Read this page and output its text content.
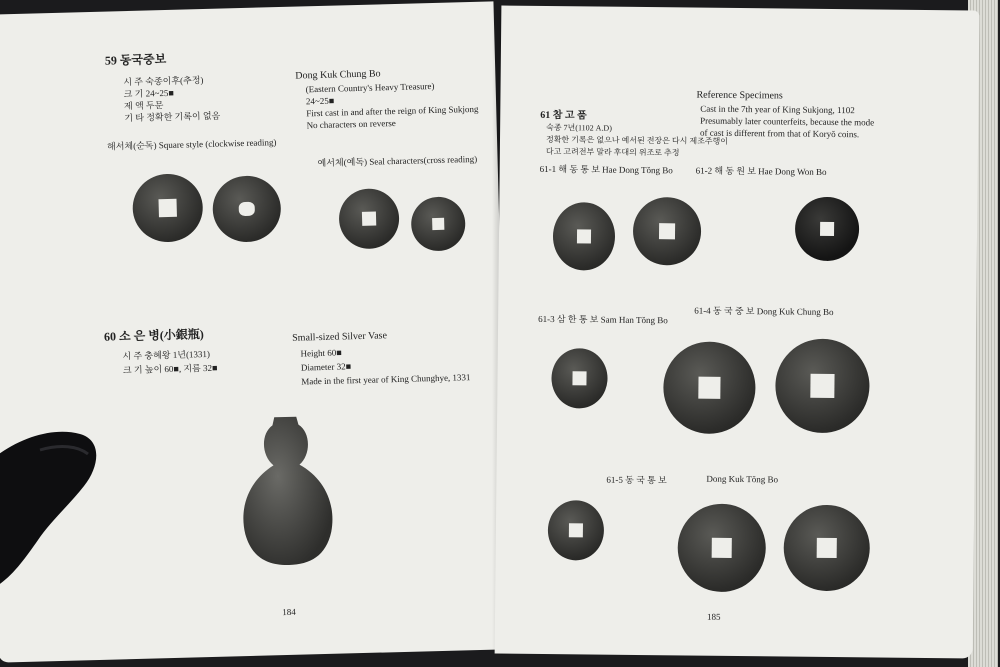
59 동국중보
시 주 숙종이후(추정)
크 기 24~25■
제 액 두문
기 타 정확한 기록이 없음
Dong Kuk Chung Bo
(Eastern Country's Heavy Treasure)
24~25■
First cast in and after the reign of King Sukjong
No characters on reverse
해서체(순독) Square style (clockwise reading)
예서체(예독) Seal characters(cross reading)
60 소 은 병(小銀瓶)
시 주 충혜왕 1년(1331)
크 기 높이 60■, 지름 32■
Small-sized Silver Vase
Height 60■
Diameter 32■
Made in the first year of King Chunghye, 1331
184
Reference Specimens
61 참 고 품
Cast in the 7th year of King Sukjong, 1102
Presumably later counterfeits, because the mode
of cast is different from that of Koryŏ coins.
숙종 7년(1102 A.D)
정확한 기록은 없으나 예서된 전장은 다시 제조주행이
다고 고려전부 말라 후대의 위조로 추정
61-1 해 동 통 보 Hae Dong Tŏng Bo	61-2 해 동 원 보 Hae Dong Won Bo
61-3 삼 한 통 보 Sam Han Tŏng Bo
61-4 동 국 중 보 Dong Kuk Chung Bo
61-5 동 국 통 보	Dong Kuk Tŏng Bo
185
